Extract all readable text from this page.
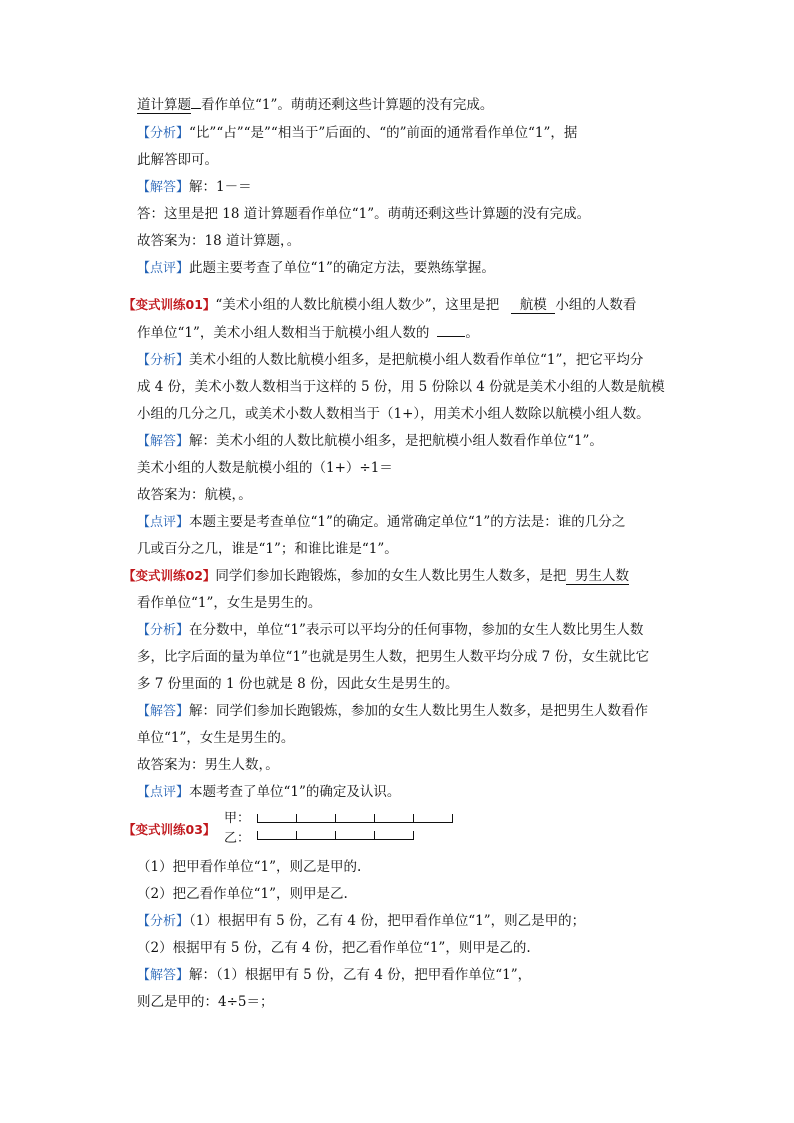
道计算题 看作单位“1”。萌萌还剩这些计算题的没有完成。
【分析】“比”“占”“是”“相当于”后面的、“的”前面的通常看作单位“1”，据
此解答即可。
【解答】解：1－＝
答：这里是把 18 道计算题看作单位“1”。萌萌还剩这些计算题的没有完成。
故答案为：18 道计算题，。
【点评】此题主要考查了单位“1”的确定方法，要熟练掌握。
【变式训练01】“美术小组的人数比航模小组人数少”，这里是把 航模 小组的人数看
作单位“1”，美术小组人数相当于航模小组人数的	。
【分析】美术小组的人数比航模小组多，是把航模小组人数看作单位“1”，把它平均分
成 4 份，美术小数人数相当于这样的 5 份，用 5 份除以 4 份就是美术小组的人数是航模
小组的几分之几，或美术小数人数相当于（1+），用美术小组人数除以航模小组人数。
【解答】解：美术小组的人数比航模小组多，是把航模小组人数看作单位“1”。
美术小组的人数是航模小组的（1+）÷1＝
故答案为：航模，。
【点评】本题主要是考查单位“1”的确定。通常确定单位“1”的方法是：谁的几分之
几或百分之几，谁是“1”；和谁比谁是“1”。
【变式训练02】同学们参加长跑锻炼，参加的女生人数比男生人数多，是把 男生人数
看作单位“1”，女生是男生的。
【分析】在分数中，单位“1”表示可以平均分的任何事物，参加的女生人数比男生人数
多，比字后面的量为单位“1”也就是男生人数，把男生人数平均分成 7 份，女生就比它
多 7 份里面的 1 份也就是 8 份，因此女生是男生的。
【解答】解：同学们参加长跑锻炼，参加的女生人数比男生人数多，是把男生人数看作
单位“1”，女生是男生的。
故答案为：男生人数，。
【点评】本题考查了单位“1”的确定及认识。
【变式训练03】
甲：
乙：
（1）把甲看作单位“1”，则乙是甲的.
（2）把乙看作单位“1”，则甲是乙.
【分析】（1）根据甲有 5 份，乙有 4 份，把甲看作单位“1”，则乙是甲的；
（2）根据甲有 5 份，乙有 4 份，把乙看作单位“1”，则甲是乙的.
【解答】解：（1）根据甲有 5 份，乙有 4 份，把甲看作单位“1”，
则乙是甲的：4÷5＝；
